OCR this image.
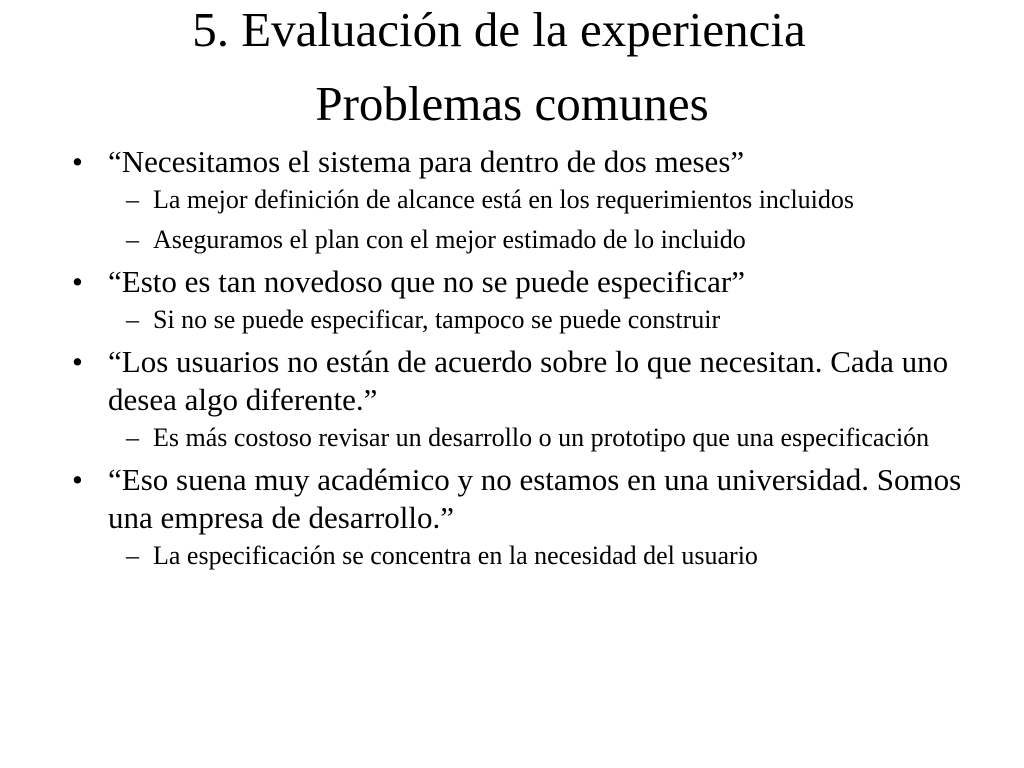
5. Evaluación de la experiencia
Problemas comunes
• “Necesitamos el sistema para dentro de dos meses”
– La mejor definición de alcance está en los requerimientos incluidos
– Aseguramos el plan con el mejor estimado de lo incluido
• “Esto es tan novedoso que no se puede especificar”
– Si no se puede especificar, tampoco se puede construir
• “Los usuarios no están de acuerdo sobre lo que necesitan. Cada uno desea algo diferente.”
– Es más costoso revisar un desarrollo o un prototipo que una especificación
• “Eso suena muy académico y no estamos en una universidad. Somos una empresa de desarrollo.”
– La especificación se concentra en la necesidad del usuario
